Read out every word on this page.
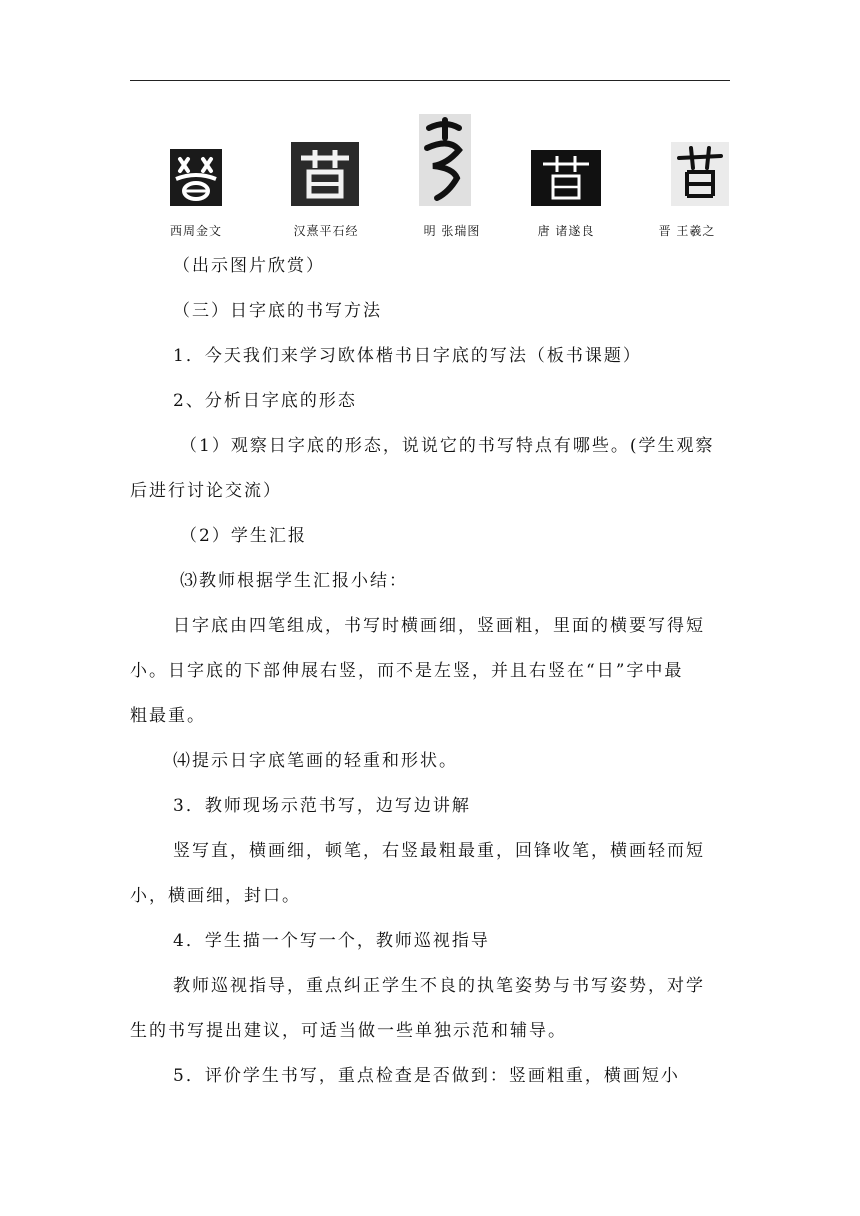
西周金文	汉熹平石经	明 张瑞图	唐 诸遂良	晋 王羲之
（出示图片欣赏）
（三）日字底的书写方法
1．今天我们来学习欧体楷书日字底的写法（板书课题）
2、分析日字底的形态
（1）观察日字底的形态，说说它的书写特点有哪些。(学生观察
后进行讨论交流）
（2）学生汇报
⑶教师根据学生汇报小结：
日字底由四笔组成，书写时横画细，竖画粗，里面的横要写得短
小。日字底的下部伸展右竖，而不是左竖，并且右竖在“日”字中最
粗最重。
⑷提示日字底笔画的轻重和形状。
3．教师现场示范书写，边写边讲解
竖写直，横画细，顿笔，右竖最粗最重，回锋收笔，横画轻而短
小，横画细，封口。
4．学生描一个写一个，教师巡视指导
教师巡视指导，重点纠正学生不良的执笔姿势与书写姿势，对学
生的书写提出建议，可适当做一些单独示范和辅导。
5．评价学生书写，重点检查是否做到：竖画粗重，横画短小
